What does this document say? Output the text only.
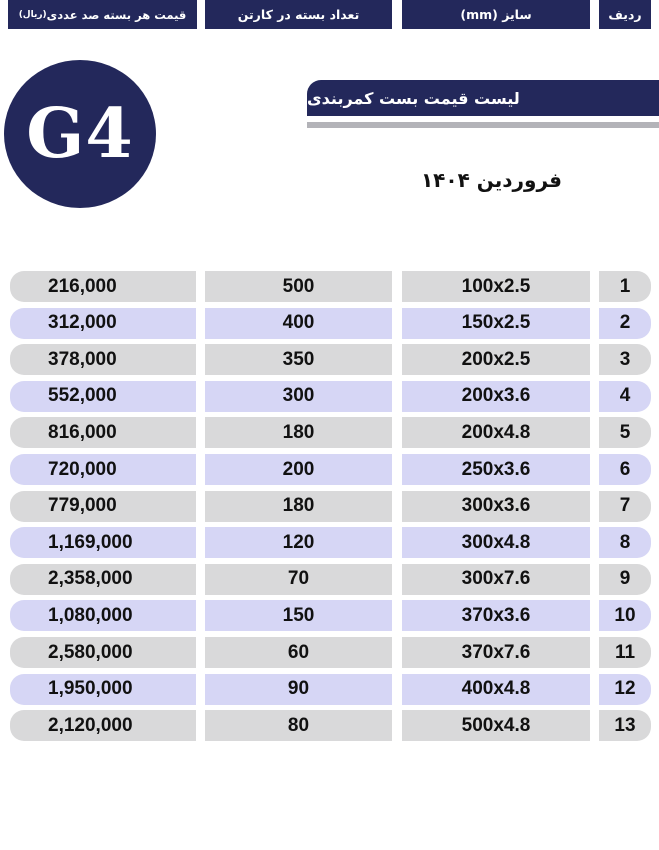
G4	لیست قیمت بست کمربندی
فروردین ۱۴۰۴
قیمت هر بسته صد عددی
(ریال)	تعداد بسته در کارتن	سایز (mm)	ردیف
216,000	500	100x2.5	1
312,000	400	150x2.5	2
378,000	350	200x2.5	3
552,000	300	200x3.6	4
816,000	180	200x4.8	5
720,000	200	250x3.6	6
779,000	180	300x3.6	7
1,169,000	120	300x4.8	8
2,358,000	70	300x7.6	9
1,080,000	150	370x3.6	10
2,580,000	60	370x7.6	11
1,950,000	90	400x4.8	12
2,120,000	80	500x4.8	13
